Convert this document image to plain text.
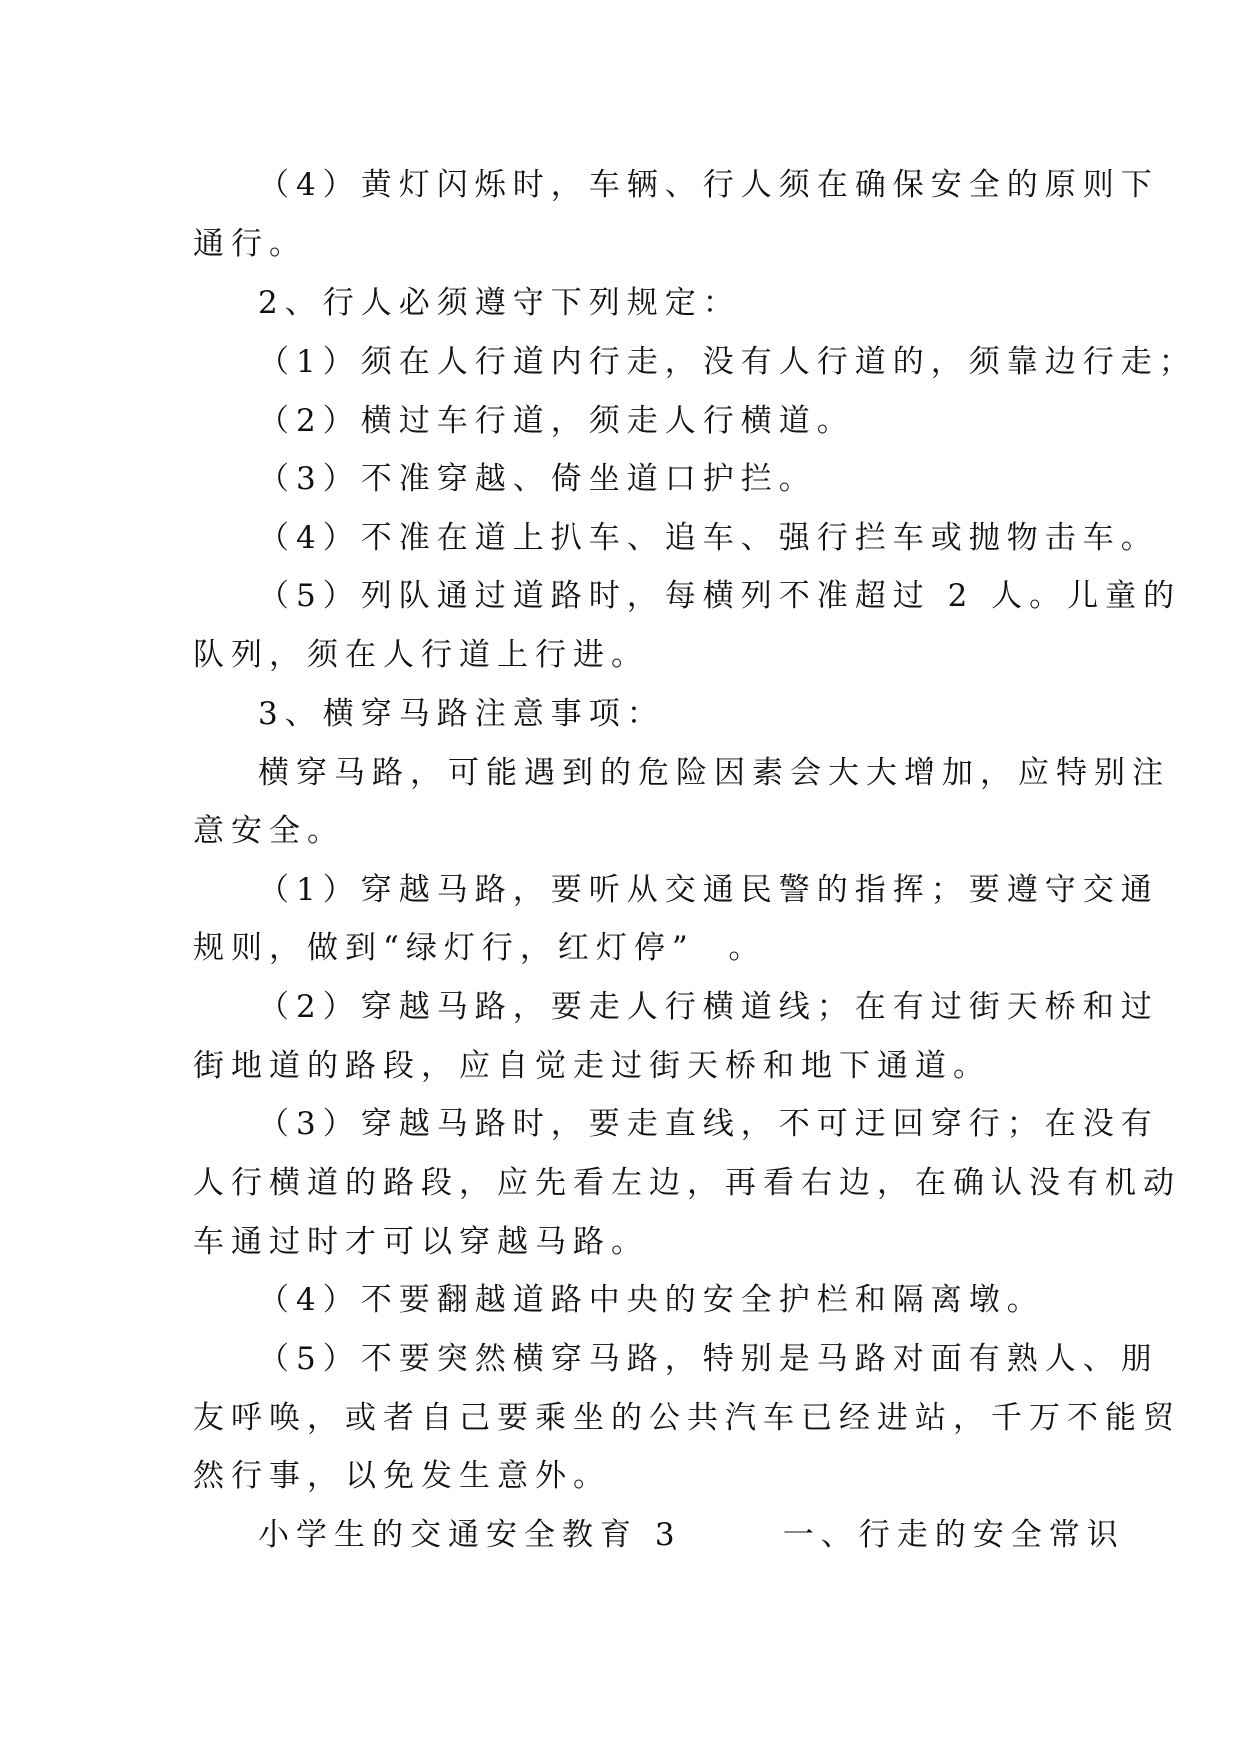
（4）黄灯闪烁时，车辆、行人须在确保安全的原则下
通行。
2、行人必须遵守下列规定：
（1）须在人行道内行走，没有人行道的，须靠边行走；
（2）横过车行道，须走人行横道。
（3）不准穿越、倚坐道口护拦。
（4）不准在道上扒车、追车、强行拦车或抛物击车。
（5）列队通过道路时，每横列不准超过 2 人。儿童的
队列，须在人行道上行进。
3、横穿马路注意事项：
横穿马路，可能遇到的危险因素会大大增加，应特别注
意安全。
（1）穿越马路，要听从交通民警的指挥；要遵守交通
规则，做到“绿灯行，红灯停”  。
（2）穿越马路，要走人行横道线；在有过街天桥和过
街地道的路段，应自觉走过街天桥和地下通道。
（3）穿越马路时，要走直线，不可迂回穿行；在没有
人行横道的路段，应先看左边，再看右边，在确认没有机动
车通过时才可以穿越马路。
（4）不要翻越道路中央的安全护栏和隔离墩。
（5）不要突然横穿马路，特别是马路对面有熟人、朋
友呼唤，或者自己要乘坐的公共汽车已经进站，千万不能贸
然行事，以免发生意外。
小学生的交通安全教育 3      一、行走的安全常识
